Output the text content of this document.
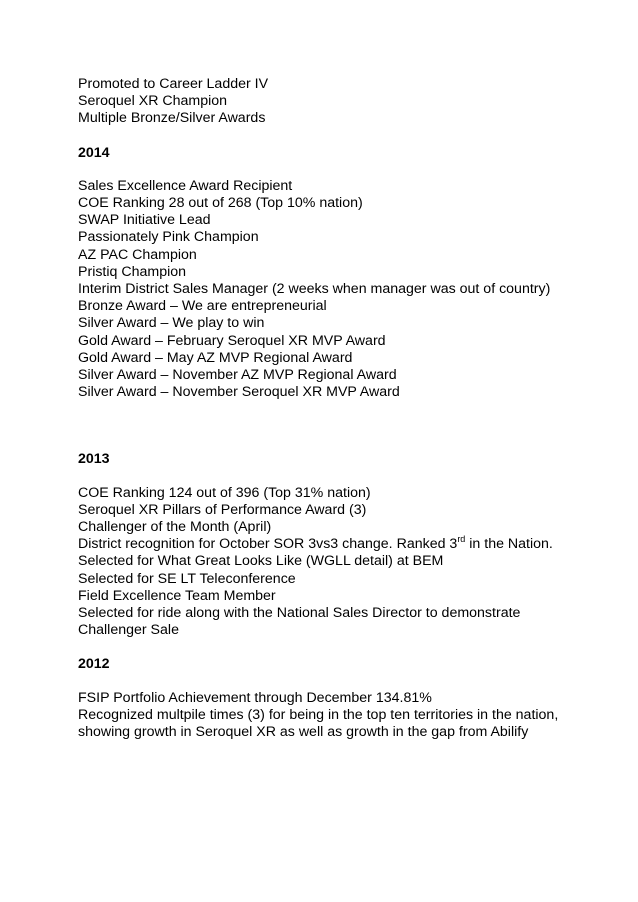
Promoted to Career Ladder IV

Seroquel XR Champion

Multiple Bronze/Silver Awards

2014

Sales Excellence Award Recipient

COE Ranking 28 out of 268 (Top 10% nation)

SWAP Initiative Lead

Passionately Pink Champion

AZ PAC Champion

Pristiq Champion

Interim District Sales Manager (2 weeks when manager was out of country)

Bronze Award – We are entrepreneurial

Silver Award – We play to win

Gold Award – February Seroquel XR MVP Award

Gold Award – May AZ MVP Regional Award

Silver Award – November AZ MVP Regional Award

Silver Award – November Seroquel XR MVP Award

2013

COE Ranking 124 out of 396 (Top 31% nation)

Seroquel XR Pillars of Performance Award (3)

Challenger of the Month (April)

District recognition for October SOR 3vs3 change. Ranked 3rd in the Nation.

Selected for What Great Looks Like (WGLL detail) at BEM

Selected for SE LT Teleconference

Field Excellence Team Member

Selected for ride along with the National Sales Director to demonstrate Challenger Sale

2012

FSIP Portfolio Achievement through December 134.81%

Recognized multpile times (3) for being in the top ten territories in the nation, showing growth in Seroquel XR as well as growth in the gap from Abilify
